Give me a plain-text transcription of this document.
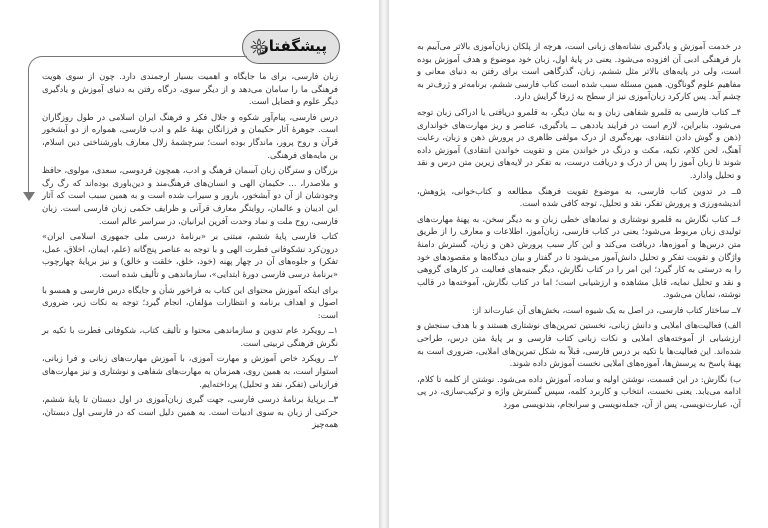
پیشگفتار

زبان فارسی، برای ما جایگاه و اهمیت بسیار ارجمندی دارد. چون از سوی هویت فرهنگی ما را سامان می‌دهد و از دیگر سوی، درگاه رفتن به دنیای آموزش و یادگیری دیگر علوم و فضایل است.

درس فارسی، پیام‌آور شکوه و جلال فکر و فرهنگ ایران اسلامی در طول روزگاران است. جوهرهٔ آثار حکیمان و فرزانگان بهنهٔ علم و ادب فارسی، همواره از دو آبشخور قرآن و روح پرور، ماندگار بوده است؛ سرچشمهٔ زلال معارف باورشناختی دین اسلام، بن مایه‌های فرهنگی.

بزرگان و سترگان زبان آسمان فرهنگ و ادب، همچون فردوسی، سعدی، مولوی، حافظ و ملاصدرا، ... حکیمان الهی و انسان‌های فرهنگ‌مند و دین‌باوری بوده‌اند که رگ رگ وجودشان از آن دو آبشخور، بارور و سیراب شده است و به همین سبب است که آثار این ادیبان و عالمان، روایتگر معارف قرآنی و ظرایف حکمی زبان فارسی است. زبان فارسی، روح ملت و نماد وحدت آفرین ایرانیان، در سراسر عالم است.

کتاب فارسی پایهٔ ششم، مبتنی بر «برنامهٔ درسی ملی جمهوری اسلامی ایران» درون‌کرد نشکوفانی فطرت الهی و با توجه به عناصر پنج‌گانه (علم، ایمان، اخلاق، عمل، تفکر) و جلوه‌های آن در چهار پهنه (خود، خلق، خلقت و خالق) و نیز برپایهٔ چهارچوب «برنامهٔ درسی فارسی دورهٔ ابتدایی»، سازماندهی و تألیف شده است.

برای اینکه آموزش محتوای این کتاب به فراخور شأن و جایگاه درس فارسی و همسو با اصول و اهداف برنامه و انتظارات مؤلفان، انجام گیرد؛ توجه به نکات زیر، ضروری است:

۱ــ رویکرد عام تدوین و سازماندهی محتوا و تألیف کتاب، شکوفانی فطرت با تکیه بر نگرش فرهنگی تربیتی است.

۲ــ رویکرد خاص آموزش و مهارت آموزی، با آموزش مهارت‌های زبانی و فرا زبانی، استوار است، به همین روی، همزمان به مهارت‌های شفاهی و نوشتاری و نیز مهارت‌های فرازبانی (تفکر، نقد و تحلیل) پرداخته‌ایم.

۳ــ برپایهٔ برنامهٔ درسی فارسی، جهت گیری زبان‌آموزی در اول دبستان تا پایهٔ ششم، حرکتی از زبان به سوی ادبیات است. به همین دلیل است که در فارسی اول دبستان، همه‌چیز

در خدمت آموزش و یادگیری نشانه‌های زبانی است، هرچه از پلکان زبان‌آموزی بالاتر می‌آییم به بار فرهنگی ادبی آن افزوده می‌شود. یعنی در پایهٔ اول، زبان خود موضوع و هدف آموزش بوده است، ولی در پایه‌های بالاتر مثل ششم، زبان، گذرگاهی است برای رفتن به دنیای معانی و مفاهیم علوم گوناگون. همین مسئله سبب شده است کتاب فارسی ششم، برنامه‌تر و ژرف‌تر به چشم آید. پس کارکرد زبان‌آموزی نیز از سطح به ژرفا گرایش دارد.

۴ــ کتاب فارسی به قلمرو شفاهی زبان و به بیان دیگر، به قلمرو دریافتی یا ادراکی زبان توجه می‌شود. بنابراین، لازم است در فرایند یاددهی ــ یادگیری، عناصر و ریز مهارت‌های خوانداری (ذهن و گوش دادن انتقادی، بهره‌گیری از درک مولفی ظاهری در پرورش ذهن و زبان، رعایت آهنگ، لحن کلام، تکیه، مکث و درنگ در خواندن متن و تقویت خواندن انتقادی) آموزش داده شوند تا زبان آموز را پس از درک و دریافت درست، به تفکر در لایه‌های زیرین متن درس و نقد و تحلیل وادارد.

۵ــ در تدوین کتاب فارسی، به موضوع تقویت فرهنگ مطالعه و کتاب‌خوانی، پژوهش، اندیشه‌ورزی و پرورش تفکر، نقد و تحلیل، توجه کافی شده است.

۶ــ کتاب نگارش به قلمرو نوشتاری و نمادهای خطی زبان و به دیگر سخن، به پهنهٔ مهارت‌های تولیدی زبان مربوط می‌شود؛ یعنی در کتاب فارسی، زبان‌آموز، اطلاعات و معارف را از طریق متن درس‌ها و آموزه‌ها، دریافت می‌کند و این کار سبب پرورش ذهن و زبان، گسترش دامنهٔ واژگان و تقویت تفکر و تحلیل دانش‌آموز می‌شود تا در گفتار و بیان دیدگاه‌ها و مقصودهای خود را به درستی به کار گیرد؛ این امر را در کتاب نگارش، دیگر جنبه‌های فعالیت در کارهای گروهی و نقد و تحلیل نمایه، قابل مشاهده و ارزشیابی است؛ اما در کتاب نگارش، آموخته‌ها در قالب نوشته، نمایان می‌شود.

۷ــ ساختار کتاب فارسی، در اصل به یک شیوه است، بخش‌های آن عبارت‌اند از:

الف) فعالیت‌های املایی و دانش زبانی، نخستین تمرین‌های نوشتاری هستند و با هدف سنجش و ارزشیابی از آموخته‌های املایی و نکات زبانی کتاب فارسی و بر پایهٔ متن درس، طراحی شده‌اند. این فعالیت‌ها با تکیه بر درس فارسی، قبلاً به شکل تمرین‌های املایی، ضروری است به پهنهٔ پاسخ به پرسش‌ها، آموزه‌های املایی نخست آموزش داده شوند.

ب) نگارش: در این قسمت، نوشتن اولیه و ساده، آموزش داده می‌شود. نوشتن از کلمه تا کلام، ادامه می‌یابد. یعنی نخست، انتخاب و کاربرد کلمه، سپس گسترش واژه و ترکیب‌سازی، در پی آن، عبارت‌نویسی، پس از آن، جمله‌نویسی و سرانجام، بند‌نویسی مورد
